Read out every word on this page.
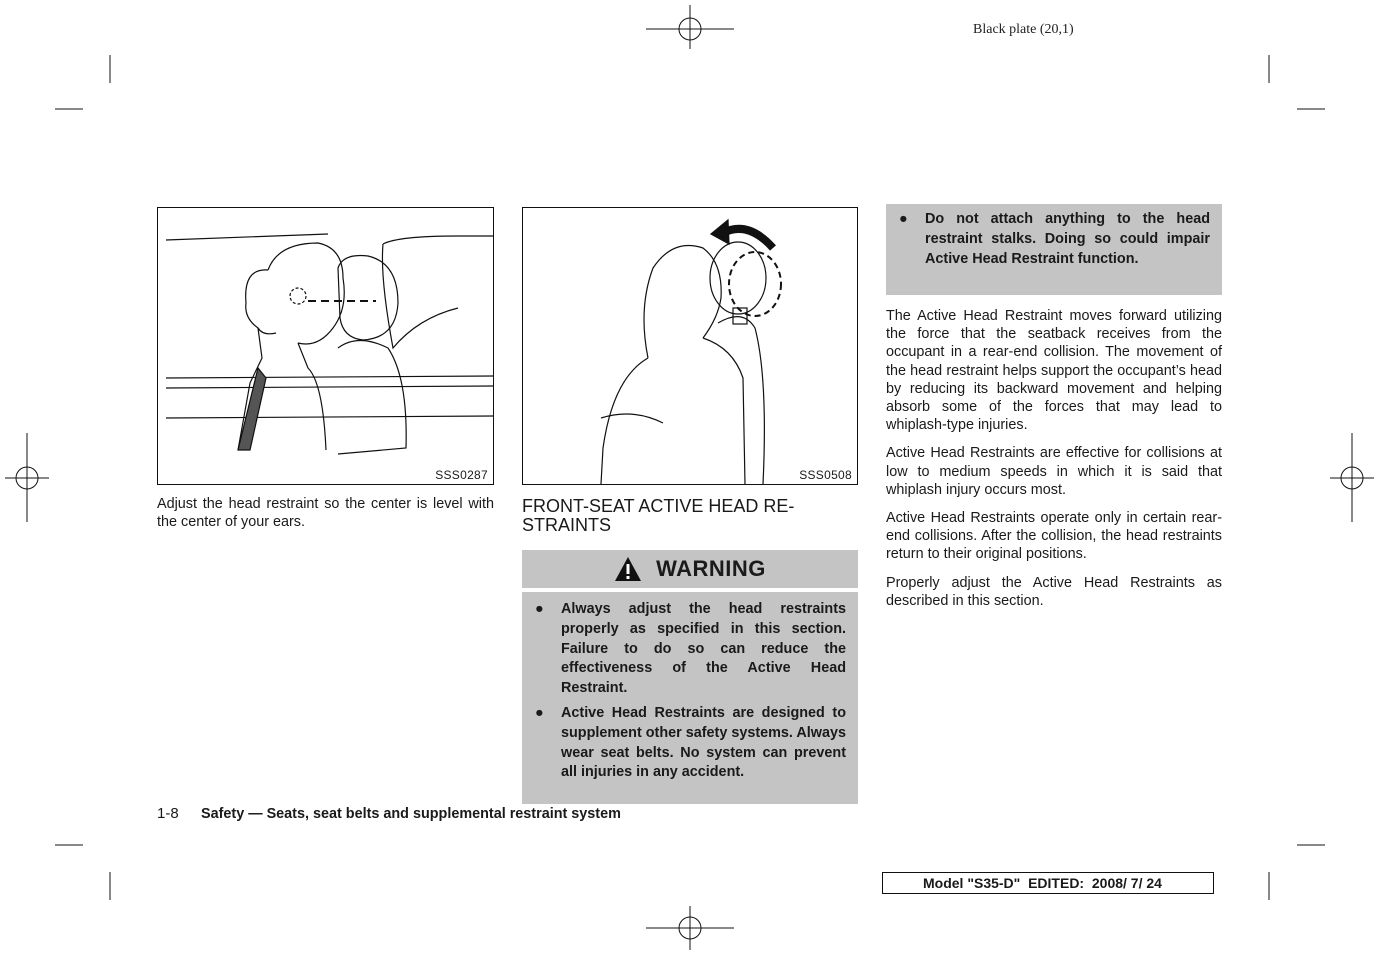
Black plate (20,1)
SSS0287	SSS0508

Adjust the head restraint so the center is level with the center of your ears.

FRONT-SEAT ACTIVE HEAD RE-
STRAINTS
WARNING
● Always adjust the head restraints properly as specified in this section. Failure to do so can reduce the effectiveness of the Active Head Restraint.
● Active Head Restraints are designed to supplement other safety systems. Always wear seat belts. No system can prevent all injuries in any accident.
● Do not attach anything to the head restraint stalks. Doing so could impair Active Head Restraint function.

The Active Head Restraint moves forward utilizing the force that the seatback receives from the occupant in a rear-end collision. The movement of the head restraint helps support the occupant’s head by reducing its backward movement and helping absorb some of the forces that may lead to whiplash-type injuries.

Active Head Restraints are effective for collisions at low to medium speeds in which it is said that whiplash injury occurs most.

Active Head Restraints operate only in certain rear-end collisions. After the collision, the head restraints return to their original positions.

Properly adjust the Active Head Restraints as described in this section.

1-8 Safety — Seats, seat belts and supplemental restraint system
Model "S35-D" EDITED: 2008/ 7/ 24
